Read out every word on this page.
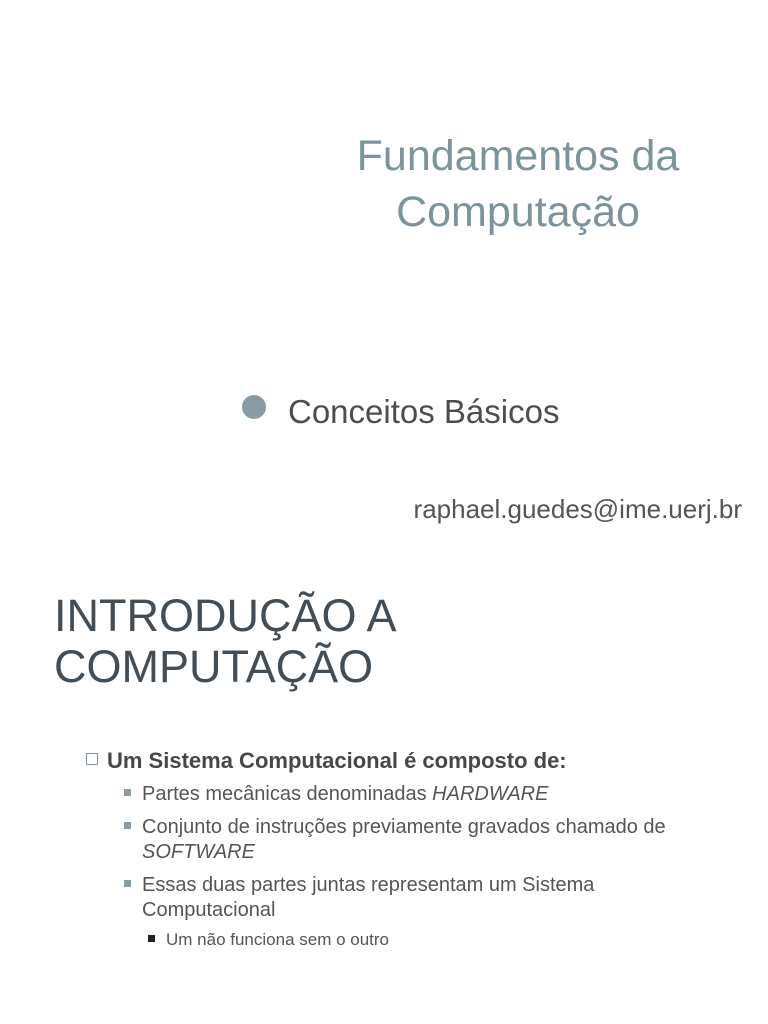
Fundamentos da
Computação
Conceitos Básicos
raphael.guedes@ime.uerj.br
INTRODUÇÃO A
COMPUTAÇÃO
Um Sistema Computacional é composto de:
Partes mecânicas denominadas HARDWARE
Conjunto de instruções previamente gravados chamado de
SOFTWARE
Essas duas partes juntas representam um Sistema
Computacional
Um não funciona sem o outro
